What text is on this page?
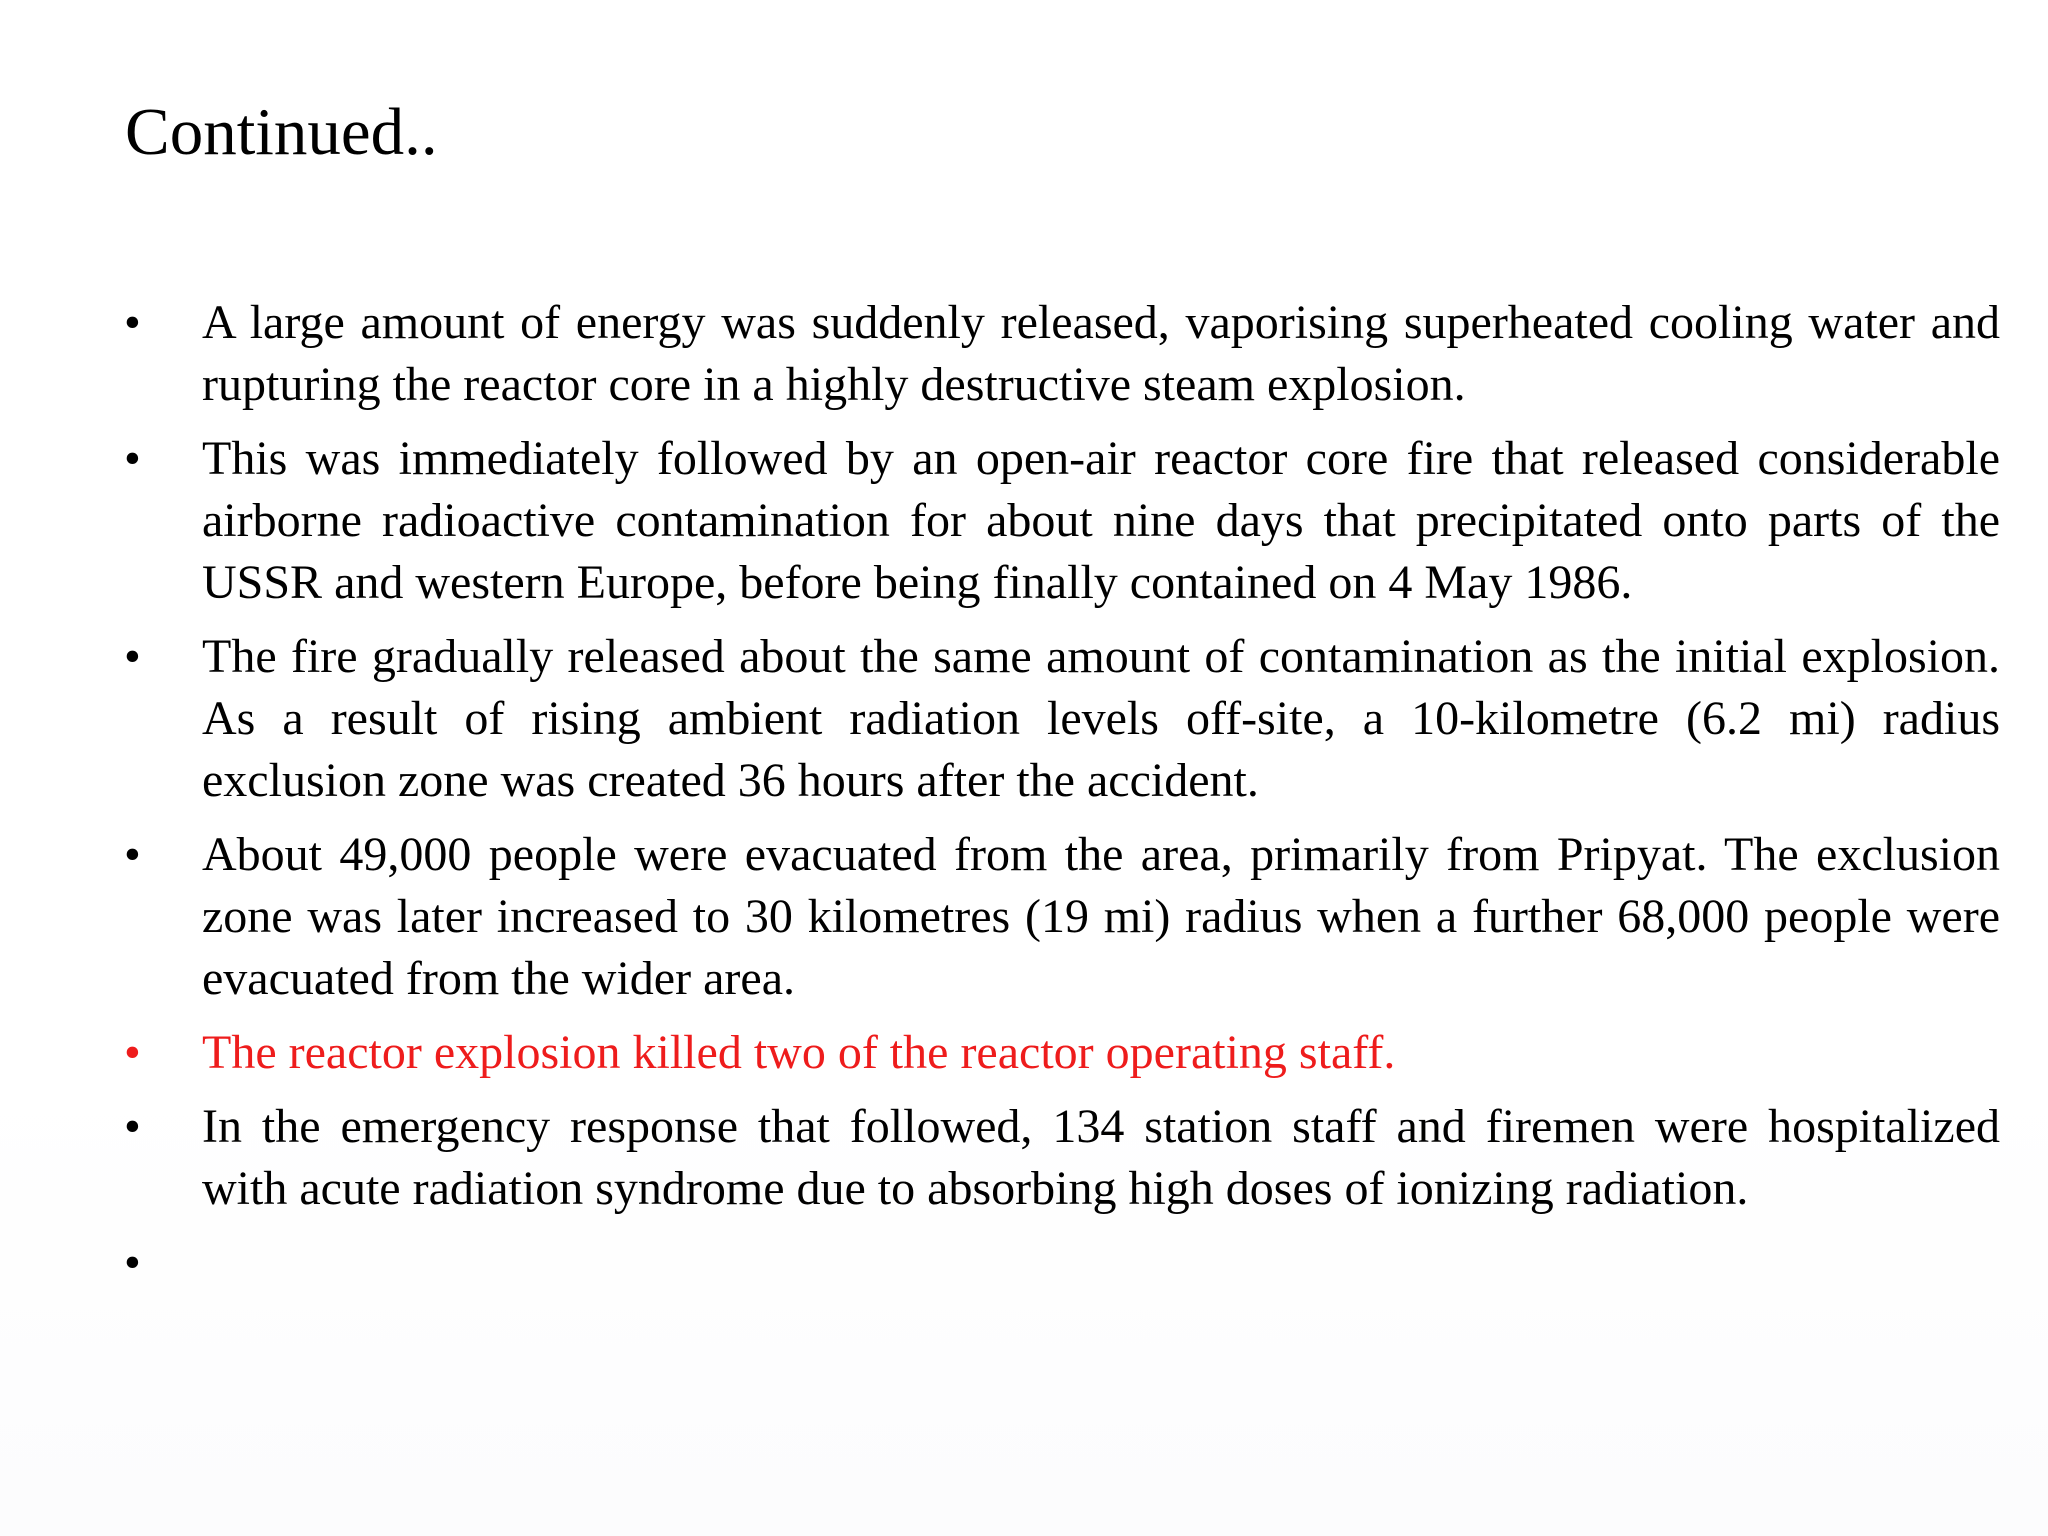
Continued..
•	A large amount of energy was suddenly released, vaporising superheated cooling water and rupturing the reactor core in a highly destructive steam explosion.
•	This was immediately followed by an open-air reactor core fire that released considerable airborne radioactive contamination for about nine days that precipitated onto parts of the USSR and western Europe, before being finally contained on 4 May 1986.
•	The fire gradually released about the same amount of contamination as the initial explosion. As a result of rising ambient radiation levels off-site, a 10-kilometre (6.2 mi) radius exclusion zone was created 36 hours after the accident.
•	About 49,000 people were evacuated from the area, primarily from Pripyat. The exclusion zone was later increased to 30 kilometres (19 mi) radius when a further 68,000 people were evacuated from the wider area.
•	The reactor explosion killed two of the reactor operating staff.
•	In the emergency response that followed, 134 station staff and firemen were hospitalized with acute radiation syndrome due to absorbing high doses of ionizing radiation.
•
